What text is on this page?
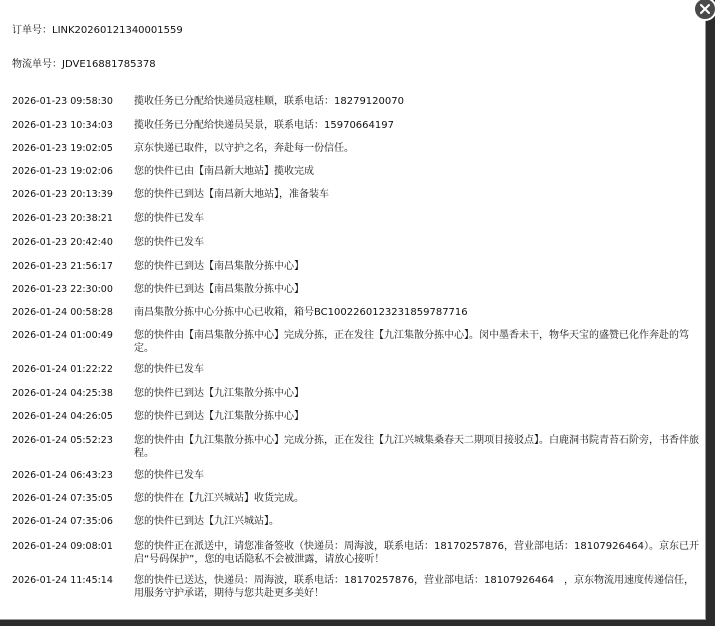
订单号：LINK20260121340001559
物流单号：JDVE16881785378
2026-01-23 09:58:30 揽收任务已分配给快递员寇桂顺，联系电话：18279120070
2026-01-23 10:34:03 揽收任务已分配给快递员吴景，联系电话：15970664197
2026-01-23 19:02:05 京东快递已取件，以守护之名，奔赴每一份信任。
2026-01-23 19:02:06 您的快件已由【南昌新大地站】揽收完成
2026-01-23 20:13:39 您的快件已到达【南昌新大地站】，准备装车
2026-01-23 20:38:21 您的快件已发车
2026-01-23 20:42:40 您的快件已发车
2026-01-23 21:56:17 您的快件已到达【南昌集散分拣中心】
2026-01-23 22:30:00 您的快件已到达【南昌集散分拣中心】
2026-01-24 00:58:28 南昌集散分拣中心分拣中心已收箱，箱号BC100226012323185978​7716
2026-01-24 01:00:49 您的快件由【南昌集散分拣中心】完成分拣，正在发往【九江集散分拣中心】。闵中墨香未干，物华天宝的盛赞已化作奔赴的笃定。
2026-01-24 01:22:22 您的快件已发车
2026-01-24 04:25:38 您的快件已到达【九江集散分拣中心】
2026-01-24 04:26:05 您的快件已到达【九江集散分拣中心】
2026-01-24 05:52:23 您的快件由【九江集散分拣中心】完成分拣，正在发往【九江兴城集桑春天二期项目接驳点】。白鹿洞书院青苔石阶旁，书香伴旅程。
2026-01-24 06:43:23 您的快件已发车
2026-01-24 07:35:05 您的快件在【九江兴城站】收货完成。
2026-01-24 07:35:06 您的快件已到达【九江兴城站】。
2026-01-24 09:08:01 您的快件正在派送中，请您准备签收（快递员：周海波，联系电话：18170257876，营业部电话：18107926464）。京东已开启“号码保护”，您的电话隐私不会被泄露，请放心接听！
2026-01-24 11:45:14 您的快件已送达，快递员：周海波，联系电话：18170257876，营业部电话：18107926464　，京东物流用速度传递信任，用服务守护承诺，期待与您共赴更多美好！
